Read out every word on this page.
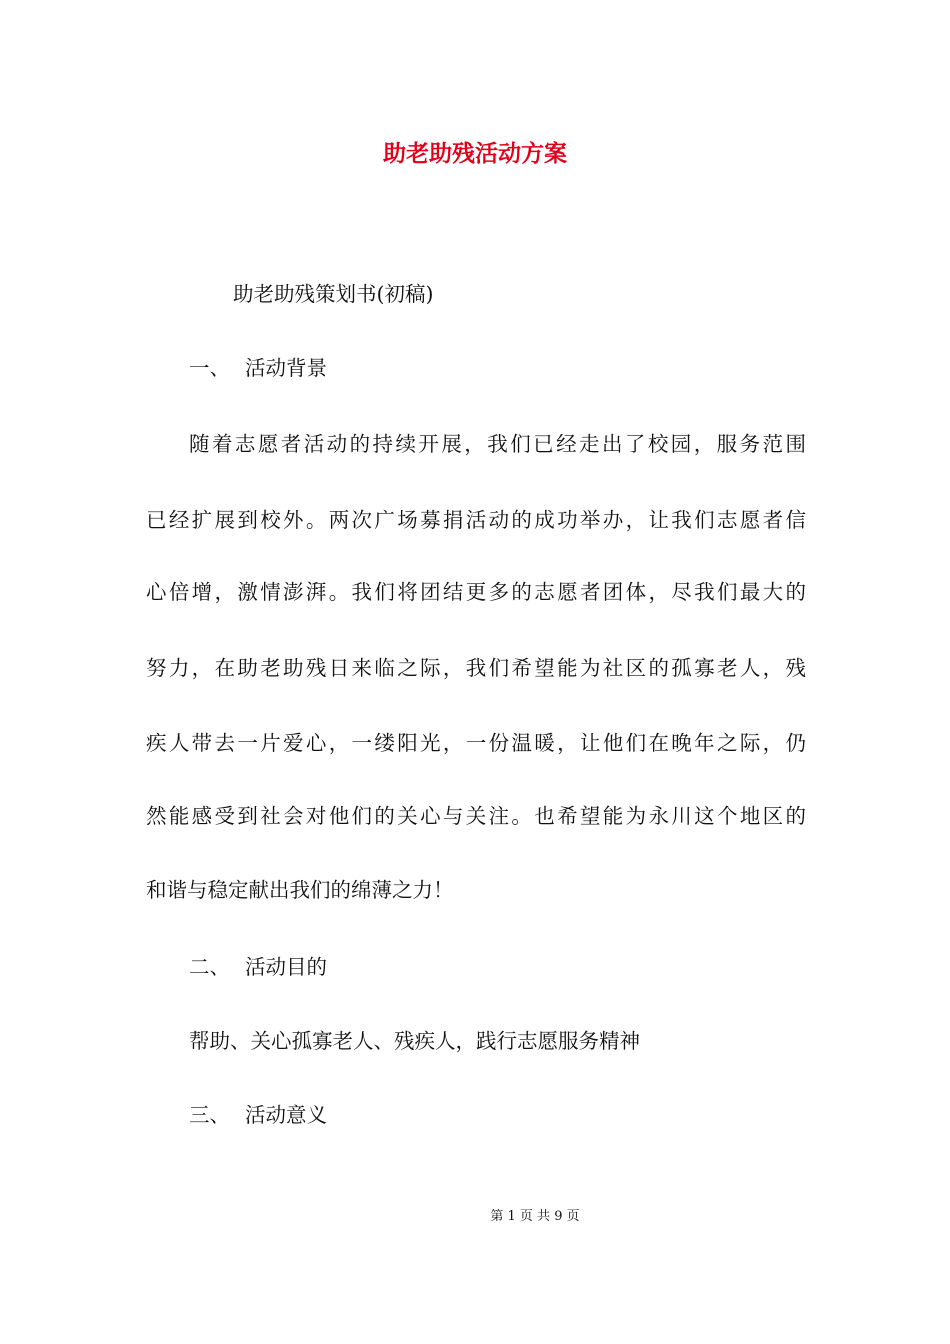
助老助残活动方案
助老助残策划书(初稿)
一、 活动背景
随着志愿者活动的持续开展，我们已经走出了校园，服务范围
已经扩展到校外。两次广场募捐活动的成功举办，让我们志愿者信
心倍增，激情澎湃。我们将团结更多的志愿者团体，尽我们最大的
努力，在助老助残日来临之际，我们希望能为社区的孤寡老人，残
疾人带去一片爱心，一缕阳光，一份温暖，让他们在晚年之际，仍
然能感受到社会对他们的关心与关注。也希望能为永川这个地区的
和谐与稳定献出我们的绵薄之力！
二、 活动目的
帮助、关心孤寡老人、残疾人，践行志愿服务精神
三、 活动意义
第 1 页 共 9 页
